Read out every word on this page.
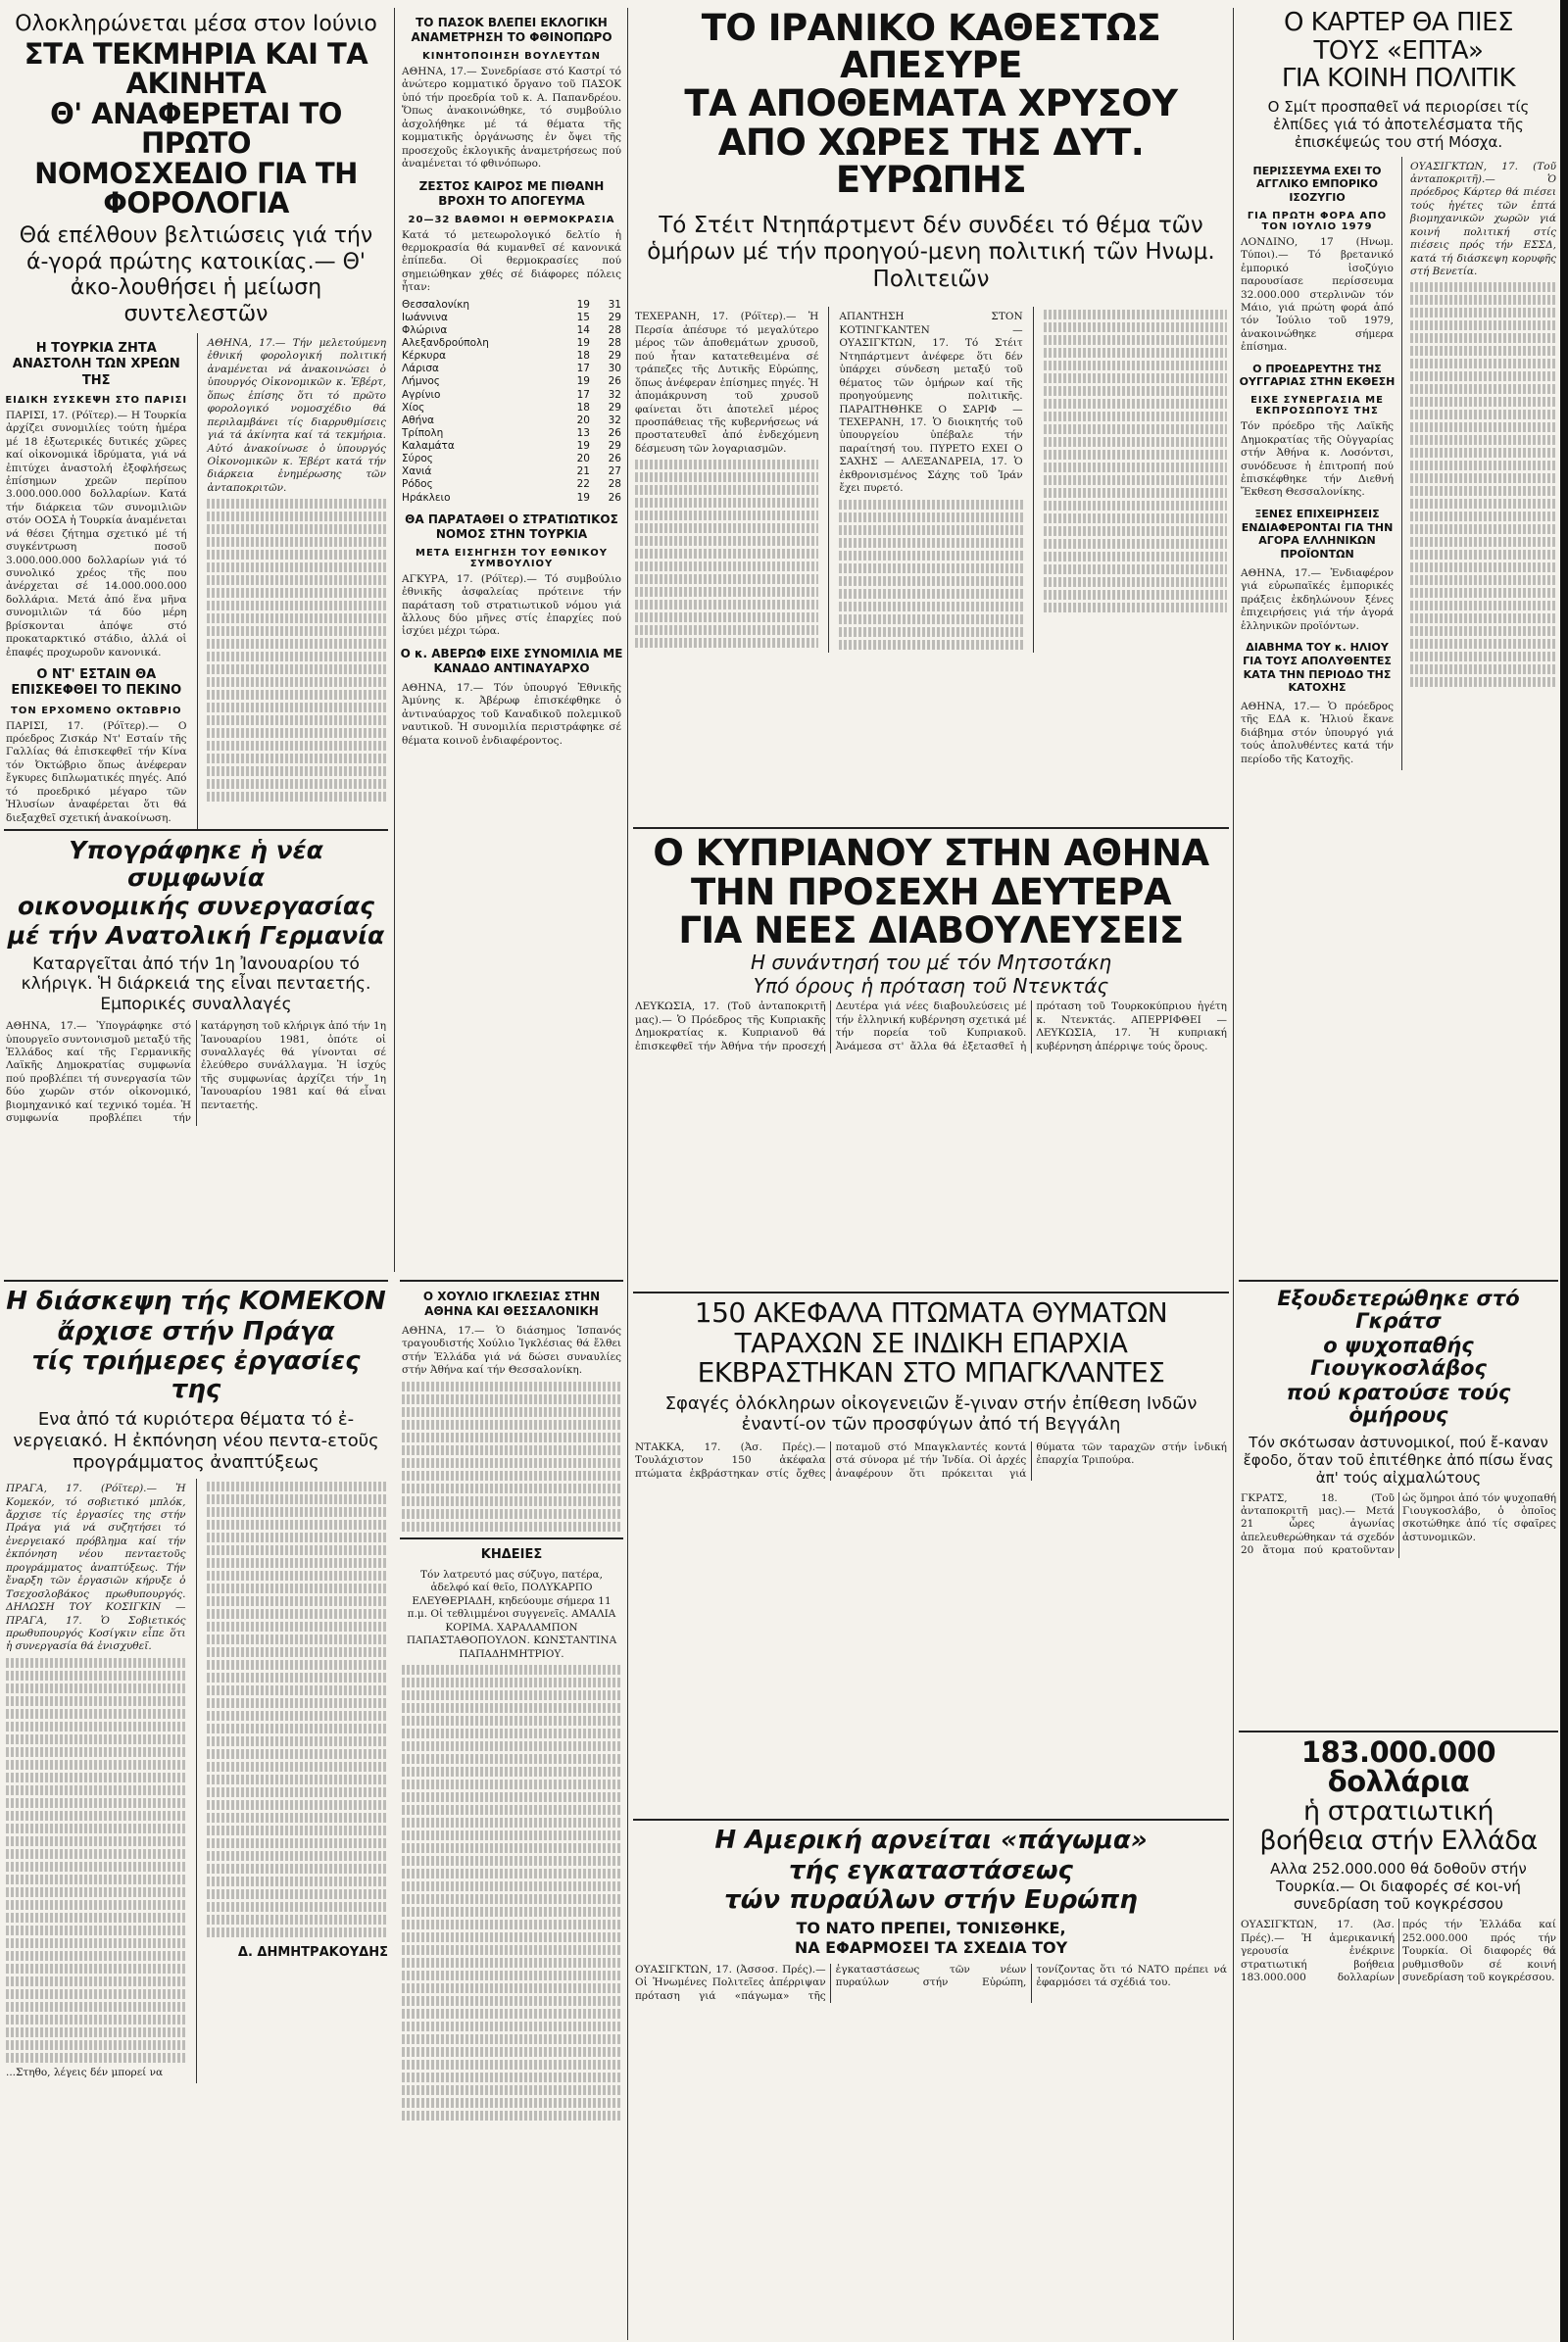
Ολοκληρώνεται μέσα στον Ιούνιο
ΣΤΑ ΤΕΚΜΗΡΙΑ ΚΑΙ ΤΑ ΑΚΙΝΗΤΑ
Θ' ΑΝΑΦΕΡΕΤΑΙ ΤΟ ΠΡΩΤΟ
ΝΟΜΟΣΧΕΔΙΟ ΓΙΑ ΤΗ ΦΟΡΟΛΟΓΙΑ
Θά επέλθουν βελτιώσεις γιά τήν ά-γορά πρώτης κατοικίας.— Θ' ἀκο-λουθήσει ἡ μείωση συντελεστῶν
Η ΤΟΥΡΚΙΑ ΖΗΤΑ ΑΝΑΣΤΟΛΗ ΤΩΝ ΧΡΕΩΝ ΤΗΣ
ΕΙΔΙΚΗ ΣΥΣΚΕΨΗ ΣΤΟ ΠΑΡΙΣΙ
ΠΑΡΙΣΙ, 17. (Ρόϊτερ).— Η Τουρκία ἀρχίζει συνομιλίες τούτη ἡμέρα μέ 18 ἐξωτερικές δυτικές χῶρες καί οἰκονομικά ἱδρύματα, γιά νά ἐπιτύχει ἀναστολή ἐξοφλήσεως ἐπίσημων χρεῶν περίπου 3.000.000.000 δολλαρίων. Κατά τήν διάρκεια τῶν συνομιλιῶν στόν ΟΟΣΑ ἡ Τουρκία ἀναμένεται νά θέσει ζήτημα σχετικό μέ τή συγκέντρωση ποσοῦ 3.000.000.000 δολλαρίων γιά τό συνολικό χρέος τῆς που ἀνέρχεται σέ 14.000.000.000 δολλάρια. Μετά ἀπό ἕνα μῆνα συνομιλιῶν τά δύο μέρη βρίσκονται ἀπόψε στό προκαταρκτικό στάδιο, ἀλλά οἱ ἐπαφές προχωροῦν κανονικά.
Ο ΝΤ' ΕΣΤΑΙΝ ΘΑ ΕΠΙΣΚΕΦΘΕΙ ΤΟ ΠΕΚΙΝΟ
ΤΟΝ ΕΡΧΟΜΕΝΟ ΟΚΤΩΒΡΙΟ
ΠΑΡΙΣΙ, 17. (Ρόϊτερ).— Ο πρόεδρος Ζισκάρ Ντ' Εσταίν τῆς Γαλλίας θά ἐπισκεφθεῖ τήν Κίνα τόν Ὀκτώβριο ὅπως ἀνέφεραν ἔγκυρες διπλωματικές πηγές. Από τό προεδρικό μέγαρο τῶν Ἠλυσίων ἀναφέρεται ὅτι θά διεξαχθεῖ σχετική ἀνακοίνωση.
ΑΘΗΝΑ, 17.— Τήν μελετούμενη ἐθνική φορολογική πολιτική ἀναμένεται νά ἀνακοινώσει ὁ ὑπουργός Οἰκονομικῶν κ. Ἐβέρτ, ὅπως ἐπίσης ὅτι τό πρῶτο φορολογικό νομοσχέδιο θά περιλαμβάνει τίς διαρρυθμίσεις γιά τά ἀκίνητα καί τά τεκμήρια. Αὐτό ἀνακοίνωσε ὁ ὑπουργός Οἰκονομικῶν κ. Ἐβέρτ κατά τήν διάρκεια ἐνημέρωσης τῶν ἀνταποκριτῶν.
ΤΟ ΠΑΣΟΚ ΒΛΕΠΕΙ ΕΚΛΟΓΙΚΗ ΑΝΑΜΕΤΡΗΣΗ ΤΟ ΦΘΙΝΟΠΩΡΟ
ΚΙΝΗΤΟΠΟΙΗΣΗ ΒΟΥΛΕΥΤΩΝ
ΑΘΗΝΑ, 17.— Συνεδρίασε στό Καστρί τό ἀνώτερο κομματικό ὄργανο τοῦ ΠΑΣΟΚ ὑπό τήν προεδρία τοῦ κ. Α. Παπανδρέου. Ὅπως ἀνακοινώθηκε, τό συμβούλιο ἀσχολήθηκε μέ τά θέματα τῆς κομματικῆς ὀργάνωσης ἐν ὄψει τῆς προσεχοῦς ἐκλογικῆς ἀναμετρήσεως πού ἀναμένεται τό φθινόπωρο.
ΖΕΣΤΟΣ ΚΑΙΡΟΣ ΜΕ ΠΙΘΑΝΗ ΒΡΟΧΗ ΤΟ ΑΠΟΓΕΥΜΑ
20—32 ΒΑΘΜΟΙ Η ΘΕΡΜΟΚΡΑΣΙΑ
Κατά τό μετεωρολογικό δελτίο ἡ θερμοκρασία θά κυμανθεῖ σέ κανονικά ἐπίπεδα. Οἱ θερμοκρασίες πού σημειώθηκαν χθές σέ διάφορες πόλεις ἦταν:
Θεσσαλονίκη	19	31
Ιωάννινα	15	29
Φλώρινα	14	28
Αλεξανδρούπολη	19	28
Κέρκυρα	18	29
Λάρισα	17	30
Λήμνος	19	26
Αγρίνιο	17	32
Χίος	18	29
Αθήνα	20	32
Τρίπολη	13	26
Καλαμάτα	19	29
Σύρος	20	26
Χανιά	21	27
Ρόδος	22	28
Ηράκλειο	19	26
ΘΑ ΠΑΡΑΤΑΘΕΙ Ο ΣΤΡΑΤΙΩΤΙΚΟΣ ΝΟΜΟΣ ΣΤΗΝ ΤΟΥΡΚΙΑ
ΜΕΤΑ ΕΙΣΗΓΗΣΗ ΤΟΥ ΕΘΝΙΚΟΥ ΣΥΜΒΟΥΛΙΟΥ
ΑΓΚΥΡΑ, 17. (Ρόϊτερ).— Τό συμβούλιο ἐθνικῆς ἀσφαλείας πρότεινε τήν παράταση τοῦ στρατιωτικοῦ νόμου γιά ἄλλους δύο μῆνες στίς ἐπαρχίες πού ἰσχύει μέχρι τώρα.
Ο κ. ΑΒΕΡΩΦ ΕΙΧΕ ΣΥΝΟΜΙΛΙΑ ΜΕ ΚΑΝΑΔΟ ΑΝΤΙΝΑΥΑΡΧΟ
ΑΘΗΝΑ, 17.— Τόν ὑπουργό Ἐθνικῆς Ἀμύνης κ. Ἀβέρωφ ἐπισκέφθηκε ὁ ἀντιναύαρχος τοῦ Καναδικοῦ πολεμικοῦ ναυτικοῦ. Ἡ συνομιλία περιστράφηκε σέ θέματα κοινοῦ ἐνδιαφέροντος.
ΤΟ ΙΡΑΝΙΚΟ ΚΑΘΕΣΤΩΣ ΑΠΕΣΥΡΕ
ΤΑ ΑΠΟΘΕΜΑΤΑ ΧΡΥΣΟΥ
ΑΠΟ ΧΩΡΕΣ ΤΗΣ ΔΥΤ. ΕΥΡΩΠΗΣ
Τό Στέιτ Ντηπάρτμεντ δέν συνδέει τό θέμα τῶν ὁμήρων μέ τήν προηγού-μενη πολιτική τῶν Ηνωμ. Πολιτειῶν
ΤΕΧΕΡΑΝΗ, 17. (Ρόϊτερ).— Ἡ Περσία ἀπέσυρε τό μεγαλύτερο μέρος τῶν ἀποθεμάτων χρυσοῦ, πού ἦταν κατατεθειμένα σέ τράπεζες τῆς Δυτικῆς Εὐρώπης, ὅπως ἀνέφεραν ἐπίσημες πηγές. Ἡ ἀπομάκρυνση τοῦ χρυσοῦ φαίνεται ὅτι ἀποτελεῖ μέρος προσπάθειας τῆς κυβερνήσεως νά προστατευθεῖ ἀπό ἐνδεχόμενη δέσμευση τῶν λογαριασμῶν.
ΑΠΑΝΤΗΣΗ ΣΤΟΝ ΚΟΤΙΝΓΚΑΝΤΕΝ — ΟΥΑΣΙΓΚΤΩΝ, 17. Τό Στέιτ Ντηπάρτμεντ ἀνέφερε ὅτι δέν ὑπάρχει σύνδεση μεταξύ τοῦ θέματος τῶν ὁμήρων καί τῆς προηγούμενης πολιτικῆς. ΠΑΡΑΙΤΗΘΗΚΕ Ο ΣΑΡΙΦ — ΤΕΧΕΡΑΝΗ, 17. Ὁ διοικητής τοῦ ὑπουργείου ὑπέβαλε τήν παραίτησή του. ΠΥΡΕΤΟ ΕΧΕΙ Ο ΣΑΧΗΣ — ΑΛΕΞΑΝΔΡΕΙΑ, 17. Ὁ ἐκθρονισμένος Σάχης τοῦ Ἰράν ἔχει πυρετό.
Ο ΚΥΠΡΙΑΝΟΥ ΣΤΗΝ ΑΘΗΝΑ
ΤΗΝ ΠΡΟΣΕΧΗ ΔΕΥΤΕΡΑ
ΓΙΑ ΝΕΕΣ ΔΙΑΒΟΥΛΕΥΣΕΙΣ
Η συνάντησή του μέ τόν Μητσοτάκη
Υπό όρους ἡ πρόταση τοῦ Ντενκτάς
ΛΕΥΚΩΣΙΑ, 17. (Τοῦ ἀνταποκριτῆ μας).— Ὁ Πρόεδρος τῆς Κυπριακῆς Δημοκρατίας κ. Κυπριανοῦ θά ἐπισκεφθεῖ τήν Ἀθήνα τήν προσεχή Δευτέρα γιά νέες διαβουλεύσεις μέ τήν ἑλληνική κυβέρνηση σχετικά μέ τήν πορεία τοῦ Κυπριακοῦ. Ἀνάμεσα στ' ἄλλα θά ἐξετασθεῖ ἡ πρόταση τοῦ Τουρκοκύπριου ἡγέτη κ. Ντενκτάς. ΑΠΕΡΡΙΦΘΕΙ — ΛΕΥΚΩΣΙΑ, 17. Ἡ κυπριακή κυβέρνηση ἀπέρριψε τούς ὅρους.
Ο ΚΑΡΤΕΡ ΘΑ ΠΙΕΣ
ΤΟΥΣ «ΕΠΤΑ»
ΓΙΑ ΚΟΙΝΗ ΠΟΛΙΤΙΚ
Ο Σμίτ προσπαθεῖ νά περιορίσει τίς ἐλπίδες γιά τό ἀποτελέσματα τῆς ἐπισκέψεώς του στή Μόσχα.
ΠΕΡΙΣΣΕΥΜΑ ΕΧΕΙ ΤΟ ΑΓΓΛΙΚΟ ΕΜΠΟΡΙΚΟ ΙΣΟΖΥΓΙΟ
ΓΙΑ ΠΡΩΤΗ ΦΟΡΑ ΑΠΟ ΤΟΝ ΙΟΥΛΙΟ 1979
ΛΟΝΔΙΝΟ, 17 (Ηνωμ. Τύποι).— Τό βρετανικό ἐμπορικό ἰσοζύγιο παρουσίασε περίσσευμα 32.000.000 στερλινῶν τόν Μάιο, γιά πρώτη φορά ἀπό τόν Ἰούλιο τοῦ 1979, ἀνακοινώθηκε σήμερα ἐπίσημα.
Ο ΠΡΟΕΔΡΕΥΤΗΣ ΤΗΣ ΟΥΓΓΑΡΙΑΣ ΣΤΗΝ ΕΚΘΕΣΗ
ΕΙΧΕ ΣΥΝΕΡΓΑΣΙΑ ΜΕ ΕΚΠΡΟΣΩΠΟΥΣ ΤΗΣ
Τόν πρόεδρο τῆς Λαϊκῆς Δημοκρατίας τῆς Οὐγγαρίας στήν Ἀθήνα κ. Λοσόντσι, συνόδευσε ἡ ἐπιτροπή πού ἐπισκέφθηκε τήν Διεθνή Ἔκθεση Θεσσαλονίκης.
ΞΕΝΕΣ ΕΠΙΧΕΙΡΗΣΕΙΣ ΕΝΔΙΑΦΕΡΟΝΤΑΙ ΓΙΑ ΤΗΝ ΑΓΟΡΑ ΕΛΛΗΝΙΚΩΝ ΠΡΟΪΟΝΤΩΝ
ΑΘΗΝΑ, 17.— Ἐνδιαφέρον γιά εὐρωπαϊκές ἐμπορικές πράξεις ἐκδηλώνουν ξένες ἐπιχειρήσεις γιά τήν ἀγορά ἑλληνικῶν προϊόντων.
ΔΙΑΒΗΜΑ ΤΟΥ κ. ΗΛΙΟΥ ΓΙΑ ΤΟΥΣ ΑΠΟΛΥΘΕΝΤΕΣ ΚΑΤΑ ΤΗΝ ΠΕΡΙΟΔΟ ΤΗΣ ΚΑΤΟΧΗΣ
ΑΘΗΝΑ, 17.— Ὁ πρόεδρος τῆς ΕΔΑ κ. Ἠλιού ἔκανε διάβημα στόν ὑπουργό γιά τούς ἀπολυθέντες κατά τήν περίοδο τῆς Κατοχῆς.
ΟΥΑΣΙΓΚΤΩΝ, 17. (Τοῦ ἀνταποκριτῆ).— Ὁ πρόεδρος Κάρτερ θά πιέσει τούς ἡγέτες τῶν ἑπτά βιομηχανικῶν χωρῶν γιά κοινή πολιτική στίς πιέσεις πρός τήν ΕΣΣΔ, κατά τή διάσκεψη κορυφῆς στή Βενετία.
Υπογράφηκε ἡ νέα συμφωνία
οικονομικής συνεργασίας
μέ τήν Ανατολική Γερμανία
Καταργεῖται ἀπό τήν 1η Ἰανουαρίου τό κλήριγκ. Ἡ διάρκειά της εἶναι πενταετής. Εμπορικές συναλλαγές
ΑΘΗΝΑ, 17.— Ὑπογράφηκε στό ὑπουργεῖο συντονισμοῦ μεταξύ τῆς Ἑλλάδος καί τῆς Γερμανικῆς Λαϊκῆς Δημοκρατίας συμφωνία πού προβλέπει τή συνεργασία τῶν δύο χωρῶν στόν οἰκονομικό, βιομηχανικό καί τεχνικό τομέα. Ἡ συμφωνία προβλέπει τήν κατάργηση τοῦ κλήριγκ ἀπό τήν 1η Ἰανουαρίου 1981, ὁπότε οἱ συναλλαγές θά γίνονται σέ ἐλεύθερο συνάλλαγμα. Ἡ ἰσχύς τῆς συμφωνίας ἀρχίζει τήν 1η Ἰανουαρίου 1981 καί θά εἶναι πενταετής.
Η διάσκεψη τής ΚΟΜΕΚΟΝ
ἄρχισε στήν Πράγα
τίς τριήμερες ἐργασίες της
Ενα ἀπό τά κυριότερα θέματα τό ἐ-νεργειακό. Η ἐκπόνηση νέου πεντα-ετοῦς προγράμματος ἀναπτύξεως
ΠΡΑΓΑ, 17. (Ρόϊτερ).— Ἡ Κομεκόν, τό σοβιετικό μπλόκ, ἄρχισε τίς ἐργασίες της στήν Πράγα γιά νά συζητήσει τό ἐνεργειακό πρόβλημα καί τήν ἐκπόνηση νέου πενταετοῦς προγράμματος ἀναπτύξεως. Τήν ἔναρξη τῶν ἐργασιῶν κήρυξε ὁ Τσεχοσλοβάκος πρωθυπουργός. ΔΗΛΩΣΗ ΤΟΥ ΚΟΣΙΓΚΙΝ — ΠΡΑΓΑ, 17. Ὁ Σοβιετικός πρωθυπουργός Κοσίγκιν εἶπε ὅτι ἡ συνεργασία θά ἐνισχυθεῖ.
...Στηθο, λέγεις δέν μπορεί να
Δ. ΔΗΜΗΤΡΑΚΟΥΔΗΣ
Ο ΧΟΥΛΙΟ ΙΓΚΛΕΣΙΑΣ ΣΤΗΝ ΑΘΗΝΑ ΚΑΙ ΘΕΣΣΑΛΟΝΙΚΗ
ΑΘΗΝΑ, 17.— Ὁ διάσημος Ἱσπανός τραγουδιστής Χούλιο Ἰγκλέσιας θά ἔλθει στήν Ἑλλάδα γιά νά δώσει συναυλίες στήν Ἀθήνα καί τήν Θεσσαλονίκη.
ΚΗΔΕΙΕΣ
Τόν λατρευτό μας σύζυγο, πατέρα, ἀδελφό καί θεῖο, ΠΟΛΥΚΑΡΠΟ ΕΛΕΥΘΕΡΙΑΔΗ, κηδεύουμε σήμερα 11 π.μ. Οἱ τεθλιμμένοι συγγενεῖς. ΑΜΑΛΙΑ ΚΟΡΙΜΑ. ΧΑΡΑΛΑΜΠΟΝ ΠΑΠΑΣΤΑΘΟΠΟΥΛΟΝ. ΚΩΝΣΤΑΝΤΙΝΑ ΠΑΠΑΔΗΜΗΤΡΙΟΥ.
150 ΑΚΕΦΑΛΑ ΠΤΩΜΑΤΑ ΘΥΜΑΤΩΝ
ΤΑΡΑΧΩΝ ΣΕ ΙΝΔΙΚΗ ΕΠΑΡΧΙΑ
ΕΚΒΡΑΣΤΗΚΑΝ ΣΤΟ ΜΠΑΓΚΛΑΝΤΕΣ
Σφαγές ὁλόκληρων οἰκογενειῶν ἔ-γιναν στήν ἐπίθεση Ινδῶν ἐναντί-ον τῶν προσφύγων ἀπό τή Βεγγάλη
ΝΤΑΚΚΑ, 17. (Ἀσ. Πρές).— Τουλάχιστον 150 ἀκέφαλα πτώματα ἐκβράστηκαν στίς ὄχθες ποταμοῦ στό Μπαγκλαντές κοντά στά σύνορα μέ τήν Ἰνδία. Οἱ ἀρχές ἀναφέρουν ὅτι πρόκειται γιά θύματα τῶν ταραχῶν στήν ἰνδική ἐπαρχία Τριπούρα.
Η Αμερική αρνείται «πάγωμα»
τής εγκαταστάσεως
τών πυραύλων στήν Ευρώπη
ΤΟ ΝΑΤΟ ΠΡΕΠΕΙ, ΤΟΝΙΣΘΗΚΕ,
ΝΑ ΕΦΑΡΜΟΣΕΙ ΤΑ ΣΧΕΔΙΑ ΤΟΥ
ΟΥΑΣΙΓΚΤΩΝ, 17. (Ἀσσοσ. Πρές).— Οἱ Ἡνωμένες Πολιτεῖες ἀπέρριψαν πρόταση γιά «πάγωμα» τῆς ἐγκαταστάσεως τῶν νέων πυραύλων στήν Εὐρώπη, τονίζοντας ὅτι τό ΝΑΤΟ πρέπει νά ἐφαρμόσει τά σχέδιά του.
Εξουδετερώθηκε στό Γκράτσ
ο ψυχοπαθής Γιουγκοσλάβος
πού κρατούσε τούς ὁμήρους
Τόν σκότωσαν ἀστυνομικοί, πού ἔ-καναν ἔφοδο, ὅταν τοῦ ἐπιτέθηκε ἀπό πίσω ἕνας ἀπ' τούς αἰχμαλώτους
ΓΚΡΑΤΣ, 18. (Τοῦ ἀνταποκριτῆ μας).— Μετά 21 ὧρες ἀγωνίας ἀπελευθερώθηκαν τά σχεδόν 20 ἄτομα πού κρατοῦνταν ὡς ὅμηροι ἀπό τόν ψυχοπαθή Γιουγκοσλάβο, ὁ ὁποῖος σκοτώθηκε ἀπό τίς σφαῖρες ἀστυνομικῶν.
183.000.000 δολλάρια
ἡ στρατιωτική
βοήθεια στήν Ελλάδα
Αλλα 252.000.000 θά δοθοῦν στήν Τουρκία.— Οι διαφορές σέ κοι-νή συνεδρίαση τοῦ κογκρέσσου
ΟΥΑΣΙΓΚΤΩΝ, 17. (Ἀσ. Πρές).— Ἡ ἀμερικανική γερουσία ἐνέκρινε στρατιωτική βοήθεια 183.000.000 δολλαρίων πρός τήν Ἑλλάδα καί 252.000.000 πρός τήν Τουρκία. Οἱ διαφορές θά ρυθμισθοῦν σέ κοινή συνεδρίαση τοῦ κογκρέσσου.
